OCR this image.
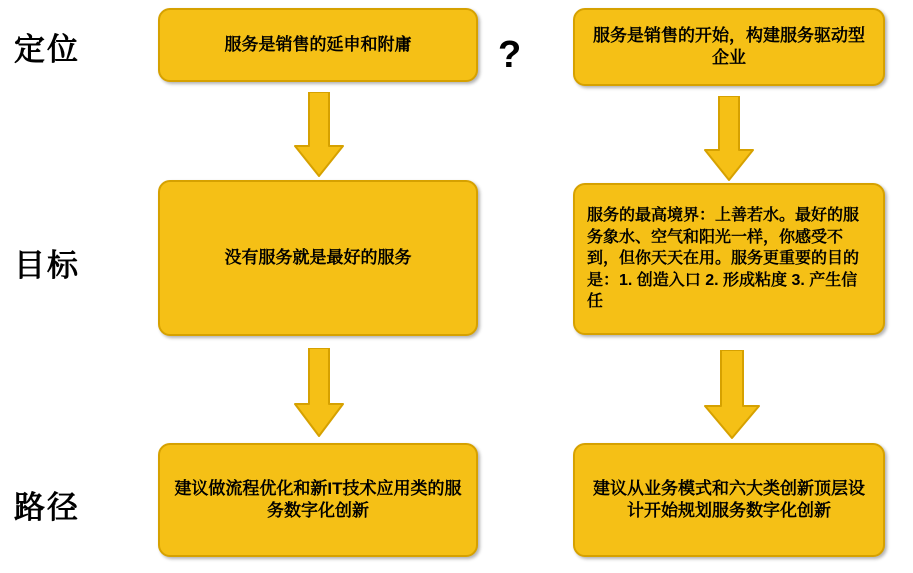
定位
目标
路径
?
服务是销售的延申和附庸
没有服务就是最好的服务
建议做流程优化和新IT技术应用类的服务数字化创新
服务是销售的开始，构建服务驱动型企业
服务的最高境界：上善若水。最好的服务象水、空气和阳光一样，你感受不到，但你天天在用。服务更重要的目的是：1. 创造入口 2. 形成粘度 3. 产生信任
建议从业务模式和六大类创新顶层设计开始规划服务数字化创新
